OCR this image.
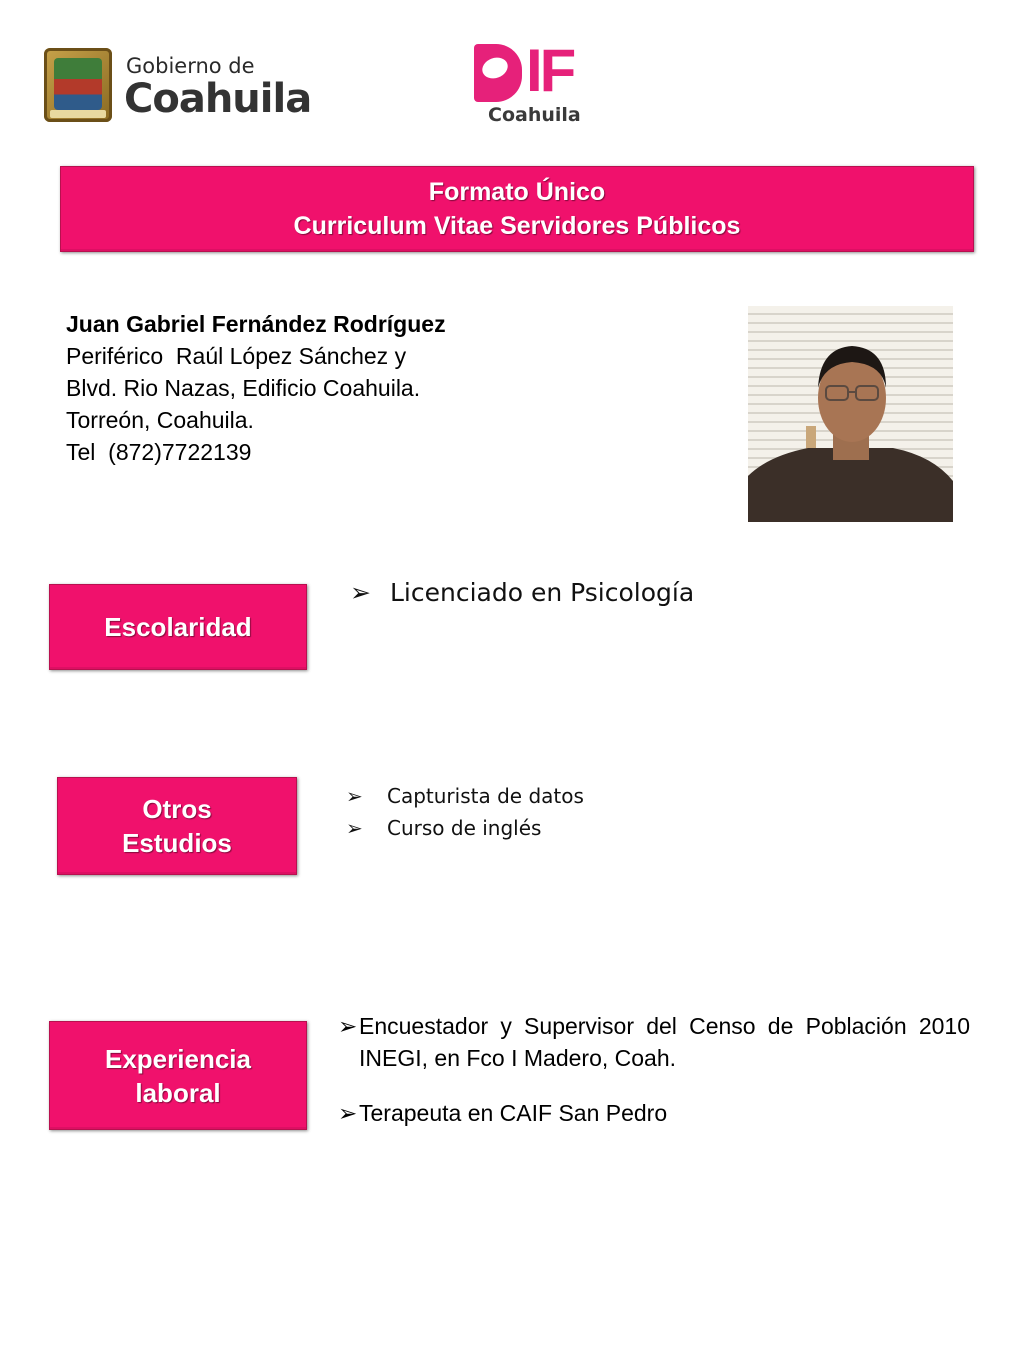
Gobierno de
Coahuila	IF
Coahuila
Formato Único
Curriculum Vitae Servidores Públicos
Juan Gabriel Fernández Rodríguez
Periférico  Raúl López Sánchez y
Blvd. Rio Nazas, Edificio Coahuila.
Torreón, Coahuila.
Tel  (872)7722139
Escolaridad
➢ Licenciado en Psicología
Otros
Estudios
➢	Capturista de datos
➢	Curso de inglés
Experiencia
laboral
➢ Encuestador y Supervisor del Censo de Población 2010 INEGI, en Fco I Madero, Coah.
➢ Terapeuta en CAIF San Pedro
